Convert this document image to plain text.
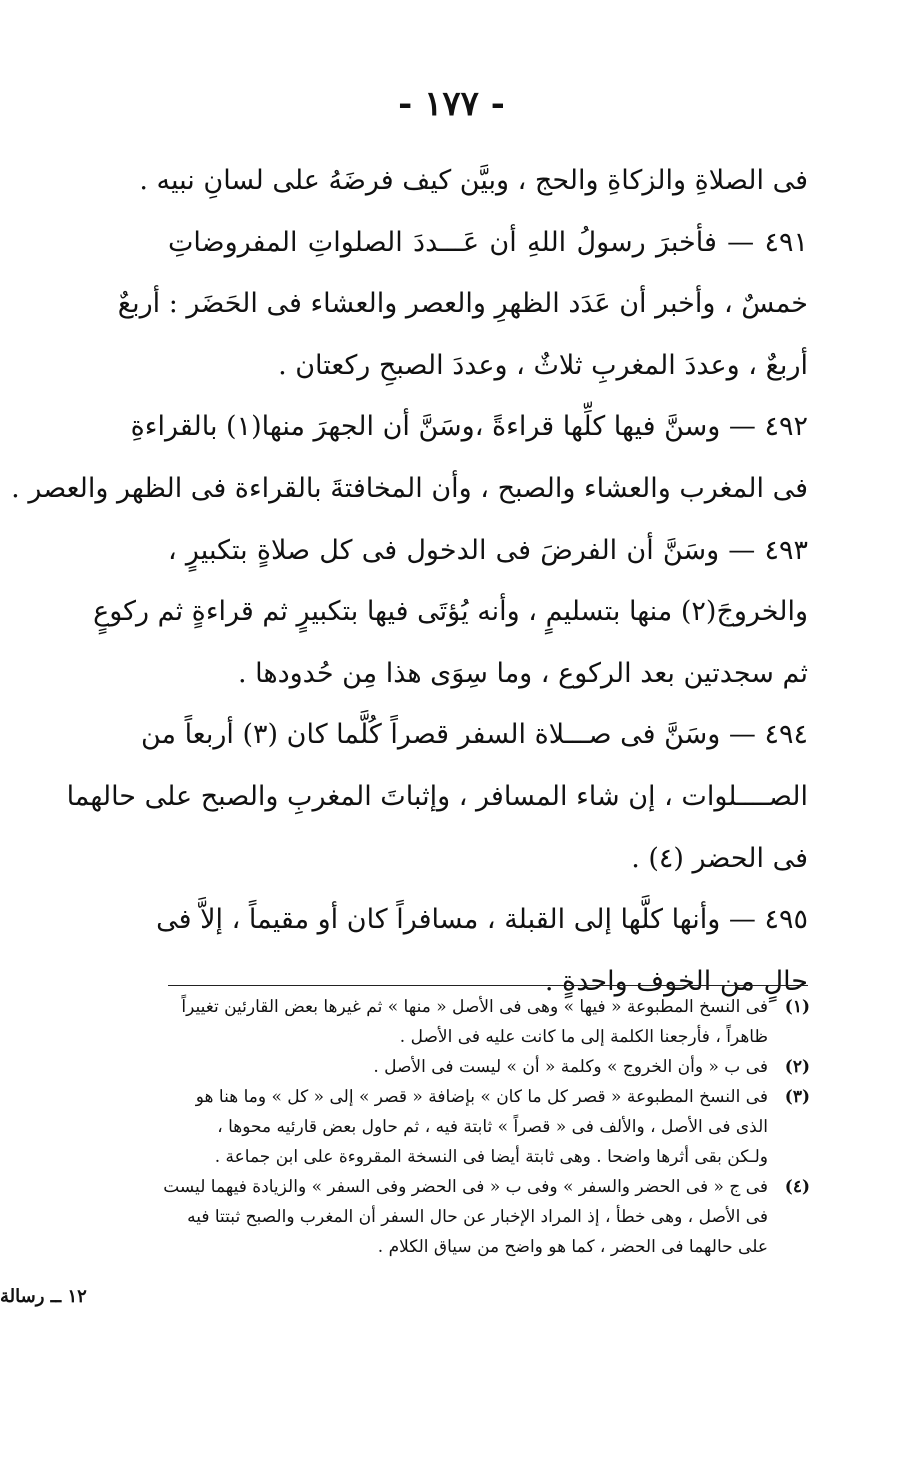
- ١٧٧ -
فى الصلاةِ والزكاةِ والحج ، وبيَّن كيف فرضَهُ على لسانِ نبيه .
٤٩١ — فأخبرَ رسولُ اللهِ أن عَـــددَ الصلواتِ المفروضاتِ
خمسٌ ، وأخبر أن عَدَد الظهرِ والعصر والعشاء فى الحَضَر : أربعٌ
أربعٌ ، وعددَ المغربِ ثلاثٌ ، وعددَ الصبحِ ركعتان .
٤٩٢ — وسنَّ فيها كلِّها قراءةً ،وسَنَّ أن الجهرَ منها(١) بالقراءةِ
فى المغرب والعشاء والصبح ، وأن المخافتةَ بالقراءة فى الظهر والعصر .
٤٩٣ — وسَنَّ أن الفرضَ فى الدخول فى كل صلاةٍ بتكبيرٍ ،
والخروجَ(٢) منها بتسليمٍ ، وأنه يُؤتَى فيها بتكبيرٍ ثم قراءةٍ ثم ركوعٍ
ثم سجدتين بعد الركوع ، وما سِوَى هذا مِن حُدودها .
٤٩٤ — وسَنَّ فى صـــلاة السفر قصراً كُلَّما كان (٣) أربعاً من
الصــــلوات ، إن شاء المسافر ، وإثباتَ المغربِ والصبح على حالهما
فى الحضر (٤) .
٤٩٥ — وأنها كلَّها إلى القبلة ، مسافراً كان أو مقيماً ، إلاَّ فى
حالٍ من الخوف واحدةٍ .
(١)فى النسخ المطبوعة « فيها » وهى فى الأصل « منها » ثم غيرها بعض القارئين تغييراً
ظاهراً ، فأرجعنا الكلمة إلى ما كانت عليه فى الأصل .
(٢)فى ب « وأن الخروج » وكلمة « أن » ليست فى الأصل .
(٣)فى النسخ المطبوعة « قصر كل ما كان » بإضافة « قصر » إلى « كل » وما هنا هو
الذى فى الأصل ، والألف فى « قصراً » ثابتة فيه ، ثم حاول بعض قارئيه محوها ،
ولـكن بقى أثرها واضحا . وهى ثابتة أيضا فى النسخة المقروءة على ابن جماعة .
(٤)فى ج « فى الحضر والسفر » وفى ب « فى الحضر وفى السفر » والزيادة فيهما ليست
فى الأصل ، وهى خطأ ، إذ المراد الإخبار عن حال السفر أن المغرب والصبح ثبتتا فيه
على حالهما فى الحضر ، كما هو واضح من سياق الكلام .
١٢ ــ رسالة
